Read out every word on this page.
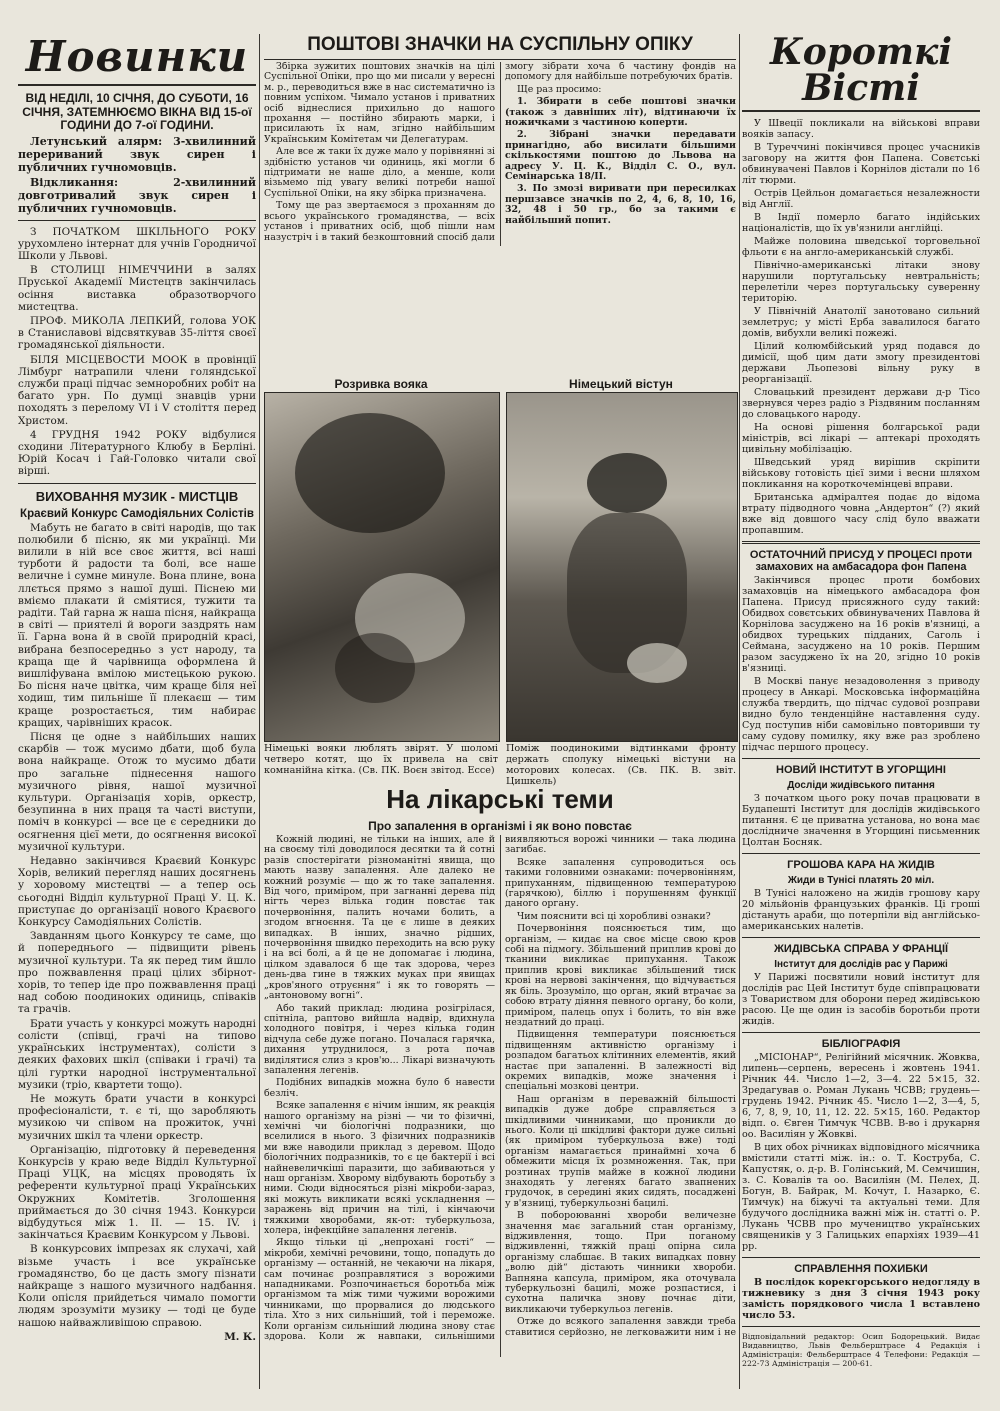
Новинки

ВІД НЕДІЛІ, 10 СІЧНЯ, ДО СУБОТИ, 16 СІЧНЯ, ЗАТЕМНЮЄМО ВІКНА ВІД 15-ої ГОДИНИ ДО 7-ої ГОДИНИ.

Летунський алярм: 3-хвилинний перериваний звук сирен і публичних гучномовців.

Відкликання: 2-хвилинний довготривалий звук сирен і публичних гучномовців.

З ПОЧАТКОМ ШКІЛЬНОГО РОКУ урухомлено інтернат для учнів Городничої Школи у Львові.

В СТОЛИЦІ НІМЕЧЧИНИ в залях Пруської Академії Мистецтв закінчилась осіння виставка образотворчого мистецтва.

ПРОФ. МИКОЛА ЛЕПКИЙ, голова УОК в Станиславові відсвяткував 35-ліття своєї громадянської діяльности.

БІЛЯ МІСЦЕВОСТИ МООК в провінції Лімбург натрапили члени голяндської служби праці підчас земноробних робіт на багато урн. По думці знавців урни походять з переломy VI і V століття перед Христом.

4 ГРУДНЯ 1942 РОКУ відбулися сходини Літературного Клюбу в Берліні. Юрій Косач і Гай-Головко читали свої вірші.

ВИХОВАННЯ МУЗИК - МИСТЦІВ
Краєвий Конкурс Самодіяльних Солістів

Мабуть не багато в світі народів, що так полюбили б пісню, як ми українці. Ми вилили в ній все своє життя, всі наші турботи й радости та болі, все наше величне і сумне минуле. Вона плине, вона ллється прямо з нашої душі. Піснею ми вміємо плакати й сміятися, тужити та радіти. Тай гарна ж наша пісня, найкраща в світі — приятелі й вороги заздрять нам її. Гарна вона й в своїй природній красі, вибрана безпосередньо з уст народу, та краща ще й чарівнища оформлена й вишліфувана вмілою мистецькою рукою. Бо пісня наче цвітка, чим краще біля неї ходиш, тим пильніше її плекаєш — тим краще розростається, тим набирає кращих, чарівніших красок.

Пісня це одне з найбільших наших скарбів — тож мусимо дбати, щоб була вона найкраще. Отож то мусимо дбати про загальне піднесення нашого музичного рівня, нашої музичної культури. Організація хорів, оркестр, безупинна в них праця та часті виступи, поміч в конкурсі — все це є середники до осягнення цієї мети, до осягнення високої музичної культури.

Недавно закінчився Краєвий Конкурс Хорів, великий перегляд наших досягнень у хоровому мистецтві — а тепер ось сьогодні Відділ культурної Праці У. Ц. К. приступає до організації нового Краєвого Конкурсу Самодіяльних Солістів.

Завданням цього Конкурсу те саме, що й попереднього — підвищити рівень музичної культури. Та як перед тим йшло про пожвавлення праці цілих збірнот-хорів, то тепер іде про пожвавлення праці над собою поодиноких одиниць, співаків та грачів.

Брати участь у конкурсі можуть народні солісти (співці, грачі на типово українських інструментах), солісти з деяких фахових шкіл (співаки і грачі) та цілі гуртки народної інструментальної музики (тріо, квартети тощо).

Не можуть брати участи в конкурсі професіоналісти, т. є ті, що заробляють музикою чи співом на прожиток, учні музичних шкіл та члени оркестр.

Організацію, підготовку й переведення Конкурсів у краю веде Відділ Культурної Праці УЦК, на місцях проводять їх референти культурної праці Українських Окружних Комітетів. Зголошення приймається до 30 січня 1943. Конкурси відбудуться між 1. ІІ. — 15. IV. і закінчаться Краєвим Конкурсом у Львові.

В конкурсових імпрезах як слухачі, хай візьме участь і все українське громадянство, бо це дасть змогу пізнати найкраще з нашого музичного надбання. Коли опісля прийдеться чимало помогти людям зрозуміти музику — тоді це буде нашою найважливішою справою.

М. К.

ПОШТОВІ ЗНАЧКИ НА СУСПІЛЬНУ ОПІКУ

Збірка зужитих поштових значків на цілі Суспільної Опіки, про що ми писали у вересні м. р., переводиться вже в нас систематично із повним успіхом. Чимало установ і приватних осіб віднеслися прихильно до нашого прохання — постійно збирають марки, і присилають їх нам, згідно найбільшим Українським Комітетам чи Делегатурам.

Але все ж таки їх дуже мало у порівнянні зі здібністю установ чи одиниць, які могли б підтримати не наше діло, а менше, коли візьмемо під увагу великі потреби нашої Суспільної Опіки, на яку збірка призначена.

Тому ще раз звертаємося з проханням до всього українського громадянства, — всіх установ і приватних осіб, щоб пішли нам назустріч і в такий безкоштовний спосіб дали змогу зібрати хоча б частину фондів на допомогу для найбільше потребуючих братів.

Ще раз просимо:

1. Збирати в себе поштові значки (також з давніших літ), відтинаючи їх ножичками з частиною коперти.

2. Зібрані значки передавати принагідно, або висилати більшими скількостями поштою до Львова на адресу У. Ц. К., Відділ С. О., вул. Семінарська 18/ІІ.

3. По змозі виривати при пересилках першзавсе значків по 2, 4, 6, 8, 10, 16, 32, 48 і 50 гр., бо за такими є найбільший попит.

Розривка вояка	Німецький вістун
Німецькі вояки люблять звірят. У шоломі четверо котят, що їх привела на світ комнанійна кітка. (Св. ПК. Воєн звітод. Ессе)
Поміж поодинокими відтинками фронту держать сполуку німецькі вістуни на моторових колесах. (Св. ПК. В. звіт. Цишкель)
На лікарські теми
Про запалення в організмі і як воно повстає

Кожній людині, не тільки на інших, але й на своєму тілі доводилося десятки та й сотні разів спостерігати різноманітні явища, що мають назву запалення. Але далеко не кожний розуміє — що ж то таке запалення. Від чого, приміром, при загнанні дерева під нігть через вілька годин повстає так почервоніння, палить ночами болить, а згодом вгноєння. Та це є лише в деяких випадках. В інших, значно рідших, почервоніння швидко переходить на всю руку і на всі болі, а й це не допомагає і людина, цілком здавалося б ще так здорова, через день-два гине в тяжких муках при явищах „кров'яного отруєння“ і як то говорять — „антоновому вогні“.

Або такий приклад: людина розігрілася, спітніла, раптово вийшла надвір, вдихнула холодного повітря, і через кілька годин відчула себе дуже погано. Почалася гарячка, дихання утруднилося, з рота почав виділятися слиз з кров'ю... Лікарі визначують запалення легенів.

Подібних випадків можна було б навести безліч.

Всяке запалення є нічим іншим, як реакція нашого організму на різні — чи то фізичні, хемічні чи біологічні подразники, що вселилися в нього. З фізичних подразників ми вже наводили приклад з деревом. Щодо біологічних подразників, то є це бактерії і всі найневеличкіші паразити, що забиваються у наш організм. Хворому відбувають боротьбу з ними. Сюди відносяться різні мікроби-зараз, які можуть викликати всякі ускладнення — заражень від причин на тілі, і кінчаючи тяжкими хворобами, як-от: туберкульоза, холера, інфекційне запалення легенів.

Якщо тільки ці „непрохані гості“ — мікроби, хемічні речовини, тощо, попадуть до організму — останній, не чекаючи на лікаря, сам починає розправлятися з ворожими нападниками. Розпочинається боротьба між організмом та між тими чужими ворожими чинниками, що прорвалися до людського тіла. Хто з них сильніший, той і переможе. Коли організм сильніший людина знову стає здорова. Коли ж навпаки, сильнішими виявляються ворожі чинники — така людина загибає.

Всяке запалення супроводиться ось такими головними ознаками: почервонінням, припуханням, підвищенною температурою (гарячкою), біллю і порушенням функції даного органу.

Чим пояснити всі ці хоробливі ознаки?

Почервоніння пояснюється тим, що організм, — кидає на своє місце свою кров собі на підмогу. Збільшений приплив крові до тканини викликає припухання. Також приплив крові викликає збільшений тиск крові на нервові закінчення, що відчувається як біль. Зрозуміло, що орган, який втрачає за собою втрату діяння певного органу, бо коли, приміром, палець опух і болить, то він вже нездатний до праці.

Підвищення температури пояснюється підвищенням активністю організму і розпадом багатьох клітинних елементів, який настає при запаленні. В залежності від окремих випадків, може значення і спеціальні мозкові центри.

Наш організм в переважній більшості випадків дуже добре справляється з шкідливими чинниками, що проникли до нього. Коли ці шкідливі фактори дуже сильні (як приміром туберкульоза вже) тоді організм намагається принаймні хоча б обмежити місця їх розмноження. Так, при розтинах трупів майже в кожної людини знаходять у легенях багато звапнених грудочок, в середині яких сидять, посаджені у в'язниці, туберкульозні бацилі.

В побороюванні хвороби величезне значення має загальний стан організму, відживлення, тощо. При поганому відживленні, тяжкій праці опірна сила організму слабшає. В таких випадках повну „волю дій“ дістають чинники хвороби. Вапняна капсула, приміром, яка оточувала туберкульозні бацилі, може розпастися, і сухотна паличка знову почнає діти, викликаючи туберкульоз легенів.

Отже до всякого запалення завжди треба ставитися серйозно, не легковажити ним і не

Короткі Вісті

У Швеції покликали на військові вправи вояків запасу.

В Туреччині покінчився процес учасників заговору на життя фон Папена. Совєтські обвинувачені Павлов і Корнілов дістали по 16 літ тюрми.

Острів Цейльон домагається незалежности від Англії.

В Індії померло багато індійських націоналістів, що їх ув'язнили англійці.

Майже половина шведської торговельної фльоти є на англо-американській службі.

Північно-американські літаки знову нарушили португальську невтральність; перелетіли через португальську суверенну територію.

У Північній Анатолії занотовано сильний землетрус; у місті Ерба завалилося багато домів, вибухли великі пожежі.

Цілий колюмбійський уряд подався до димісії, щоб цим дати змогу президентові держави Льопезові вільну руку в реорганізації.

Словацький президент держави д-р Тісо звернувся через радіо з Різдвяним посланням до словацького народу.

На основі рішення болгарської ради міністрів, всі лікарі — аптекарі проходять цивільну мобілізацію.

Шведський уряд вирішив скріпити військову готовість цієї зими і весни шляхом покликання на короткочемінцеві вправи.

Британська адміралтея подає до відома втрату підводного човна „Андертон“ (?) який вже від довшого часу слід було вважати пропавшим.

ОСТАТОЧНИЙ ПРИСУД У ПРОЦЕСІ проти замахових на амбасадора фон Папена

Закінчився процес проти бомбових замаховців на німецького амбасадора фон Папена. Присуд присяжного суду такий: Обидвох совєтських обвинувачених Павлова й Корнілова засуджено на 16 років в'язниці, а обидвох турецьких підданих, Саголь і Сеймана, засуджено на 10 років. Першим разом засуджено їх на 20, згідно 10 років в'язниці.

В Москві панує незадоволення з приводу процесу в Анкарі. Московська інформаційна служба твердить, що підчас судової розправи видно було тенденційне наставлення суду. Суд поступив ніби самовільно повторивши ту саму судову помилку, яку вже раз зроблено підчас першого процесу.

НОВИЙ ІНСТИТУТ В УГОРЩИНІ
Досліди жидівського питання

З початком цього року почав працювати в Будапешті Інститут для дослідів жидівського питання. Є це приватна установа, но вона має дослідниче значення в Угорщині письменник Цолтан Босняк.

ГРОШОВА КАРА НА ЖИДІВ
Жиди в Тунісі платять 20 міл.

В Тунісі наложено на жидів грошову кару 20 мільйонів французьких франків. Ці гроші дістануть араби, що потерпіли від англійсько-американських налетів.

ЖИДІВСЬКА СПРАВА У ФРАНЦІЇ
Інститут для дослідів рас у Парижі

У Парижі посвятили новий інститут для дослідів рас Цей Інститут буде співпрацювати з Товариством для оборони перед жидівською расою. Це ще один із засобів боротьби проти жидів.

БІБЛІОГРАФІЯ

„МІСІОНАР“, Релігійний місячник. Жовква, липень—серпень, вересень і жовтень 1941. Річник 44. Число 1—2, 3—4. 22 5×15, 32. Зредагував о. Роман Лукань ЧСВВ; грудень—грудень 1942. Річник 45. Число 1—2, 3—4, 5, 6, 7, 8, 9, 10, 11, 12. 22. 5×15, 160. Редактор відп. о. Євген Тимчук ЧСВВ. В-во і друкарня оо. Василіян у Жовкві.

В цих обох річниках відповідного місячника вмістили статті між. ін.: о. Т. Коструба, С. Капустяк, о. д-р. В. Голінський, М. Семчишин, з. С. Ковалів та оо. Василіян (М. Пелех, Д. Богун, В. Байрак, М. Кочут, І. Назарко, Є. Тимчук) на біжучі та актуальні теми. Для будучого дослідника важні між ін. статті о. Р. Лукань ЧСВВ про мучеництво українських священиків у З Галицьких епархіях 1939—41 рр.

СПРАВЛЕННЯ ПОХИБКИ

В послідок корекгорського недогляду в тижневику з дня 3 січня 1943 року замість порядкового числа 1 вставлено число 53.

Відповідальний редактор: Осип Бодорецький. Видає Видавництво, Львів Фельберштрасе 4 Редакція і Адміністрація: Фельберштрасе 4 Телефони: Редакція — 222-73 Адміністрація — 200-61.
